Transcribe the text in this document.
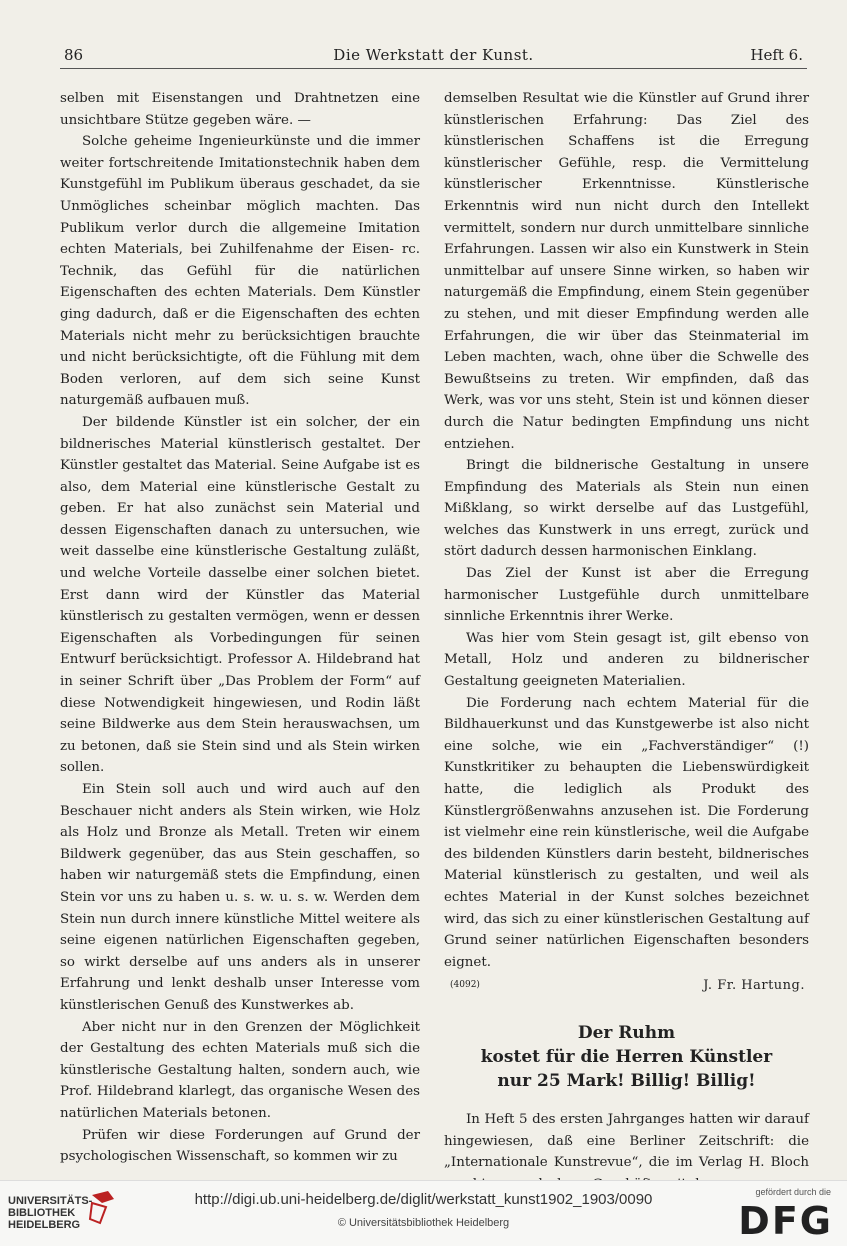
86	Die Werkstatt der Kunst.	Heft 6.

selben mit Eisenstangen und Drahtnetzen eine unsichtbare Stütze gegeben wäre. —

Solche geheime Ingenieurkünste und die immer weiter fortschreitende Imitationstechnik haben dem Kunstgefühl im Publikum überaus geschadet, da sie Unmögliches scheinbar möglich machten. Das Publikum verlor durch die allgemeine Imitation echten Materials, bei Zuhilfenahme der Eisen- rc. Technik, das Gefühl für die natürlichen Eigenschaften des echten Materials. Dem Künstler ging dadurch, daß er die Eigenschaften des echten Materials nicht mehr zu berücksichtigen brauchte und nicht berücksichtigte, oft die Fühlung mit dem Boden verloren, auf dem sich seine Kunst naturgemäß aufbauen muß.

Der bildende Künstler ist ein solcher, der ein bildnerisches Material künstlerisch gestaltet. Der Künstler gestaltet das Material. Seine Aufgabe ist es also, dem Material eine künstlerische Gestalt zu geben. Er hat also zunächst sein Material und dessen Eigenschaften danach zu untersuchen, wie weit dasselbe eine künstlerische Gestaltung zuläßt, und welche Vorteile dasselbe einer solchen bietet. Erst dann wird der Künstler das Material künstlerisch zu gestalten vermögen, wenn er dessen Eigenschaften als Vorbedingungen für seinen Entwurf berücksichtigt. Professor A. Hildebrand hat in seiner Schrift über „Das Problem der Form“ auf diese Notwendigkeit hingewiesen, und Rodin läßt seine Bildwerke aus dem Stein herauswachsen, um zu betonen, daß sie Stein sind und als Stein wirken sollen.

Ein Stein soll auch und wird auch auf den Beschauer nicht anders als Stein wirken, wie Holz als Holz und Bronze als Metall. Treten wir einem Bildwerk gegenüber, das aus Stein geschaffen, so haben wir naturgemäß stets die Empfindung, einen Stein vor uns zu haben u. s. w. u. s. w. Werden dem Stein nun durch innere künstliche Mittel weitere als seine eigenen natürlichen Eigenschaften gegeben, so wirkt derselbe auf uns anders als in unserer Erfahrung und lenkt deshalb unser Interesse vom künstlerischen Genuß des Kunstwerkes ab.

Aber nicht nur in den Grenzen der Möglichkeit der Gestaltung des echten Materials muß sich die künstlerische Gestaltung halten, sondern auch, wie Prof. Hildebrand klarlegt, das organische Wesen des natürlichen Materials betonen.

Prüfen wir diese Forderungen auf Grund der psychologischen Wissenschaft, so kommen wir zu

demselben Resultat wie die Künstler auf Grund ihrer künstlerischen Erfahrung: Das Ziel des künstlerischen Schaffens ist die Erregung künstlerischer Gefühle, resp. die Vermittelung künstlerischer Erkenntnisse. Künstlerische Erkenntnis wird nun nicht durch den Intellekt vermittelt, sondern nur durch unmittelbare sinnliche Erfahrungen. Lassen wir also ein Kunstwerk in Stein unmittelbar auf unsere Sinne wirken, so haben wir naturgemäß die Empfindung, einem Stein gegenüber zu stehen, und mit dieser Empfindung werden alle Erfahrungen, die wir über das Steinmaterial im Leben machten, wach, ohne über die Schwelle des Bewußtseins zu treten. Wir empfinden, daß das Werk, was vor uns steht, Stein ist und können dieser durch die Natur bedingten Empfindung uns nicht entziehen.

Bringt die bildnerische Gestaltung in unsere Empfindung des Materials als Stein nun einen Mißklang, so wirkt derselbe auf das Lustgefühl, welches das Kunstwerk in uns erregt, zurück und stört dadurch dessen harmonischen Einklang.

Das Ziel der Kunst ist aber die Erregung harmonischer Lustgefühle durch unmittelbare sinnliche Erkenntnis ihrer Werke.

Was hier vom Stein gesagt ist, gilt ebenso von Metall, Holz und anderen zu bildnerischer Gestaltung geeigneten Materialien.

Die Forderung nach echtem Material für die Bildhauerkunst und das Kunstgewerbe ist also nicht eine solche, wie ein „Fachverständiger“ (!) Kunstkritiker zu behaupten die Liebenswürdigkeit hatte, die lediglich als Produkt des Künstlergrößenwahns anzusehen ist. Die Forderung ist vielmehr eine rein künstlerische, weil die Aufgabe des bildenden Künstlers darin besteht, bildnerisches Material künstlerisch zu gestalten, und weil als echtes Material in der Kunst solches bezeichnet wird, das sich zu einer künstlerischen Gestaltung auf Grund seiner natürlichen Eigenschaften besonders eignet.

$^{(4092)}$	J. Fr. Hartung.
Der Ruhm
kostet für die Herren Künstler
nur 25 Mark! Billig! Billig!

In Heft 5 des ersten Jahrganges hatten wir darauf hingewiesen, daß eine Berliner Zeitschrift: die „Internationale Kunstrevue“, die im Verlag H. Bloch

UNIVERSITÄTS-
BIBLIOTHEK
HEIDELBERG
http://digi.ub.uni-heidelberg.de/diglit/werkstatt_kunst1902_1903/0090
© Universitätsbibliothek Heidelberg
gefördert durch die
DFG
